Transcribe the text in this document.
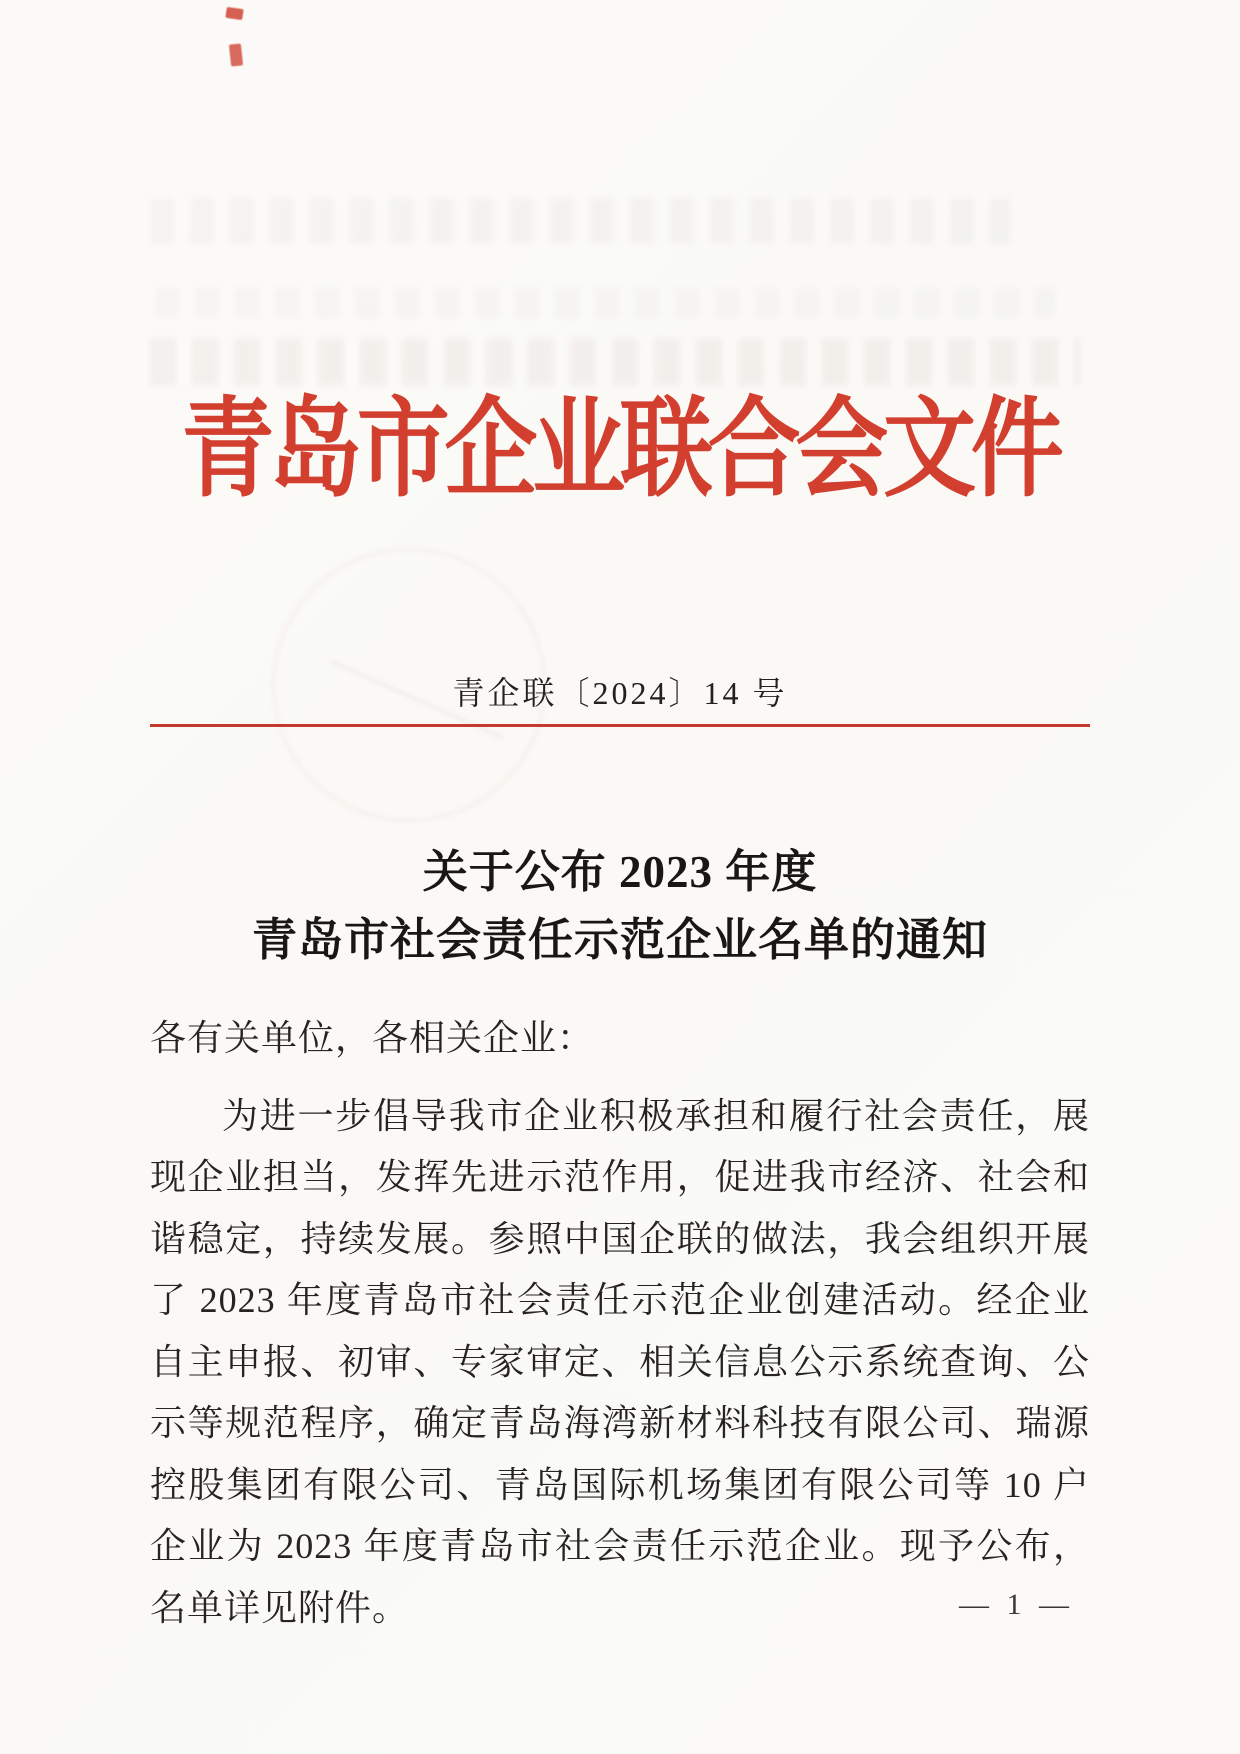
青岛市企业联合会文件
青企联〔2024〕14 号
关于公布 2023 年度
青岛市社会责任示范企业名单的通知

各有关单位，各相关企业：

为进一步倡导我市企业积极承担和履行社会责任，展现企业担当，发挥先进示范作用，促进我市经济、社会和谐稳定，持续发展。参照中国企联的做法，我会组织开展了 2023 年度青岛市社会责任示范企业创建活动。经企业自主申报、初审、专家审定、相关信息公示系统查询、公示等规范程序，确定青岛海湾新材料科技有限公司、瑞源控股集团有限公司、青岛国际机场集团有限公司等 10 户企业为 2023 年度青岛市社会责任示范企业。现予公布，名单详见附件。	— 1 —
